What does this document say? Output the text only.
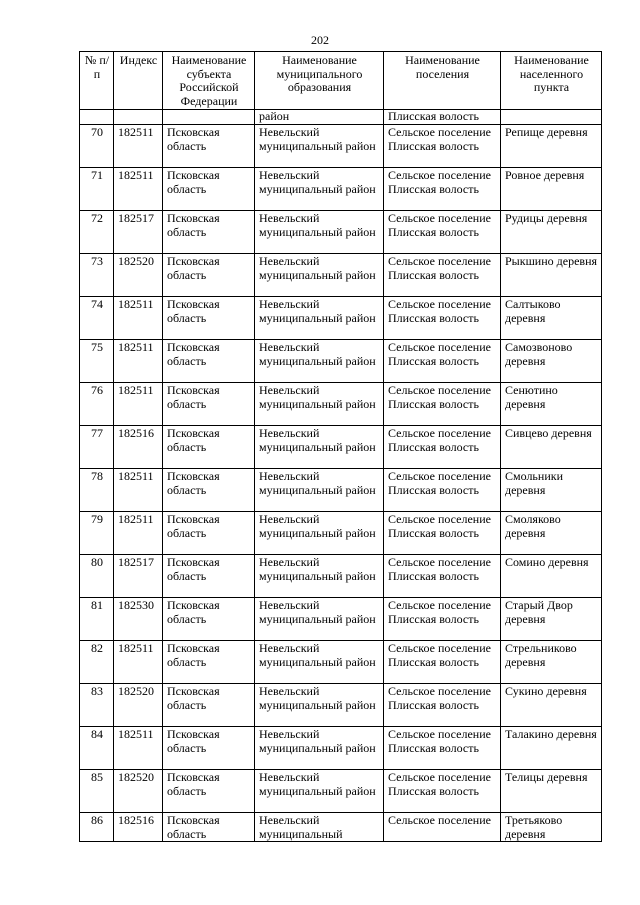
202
№ п/п	Индекс	Наименование субъекта Российской Федерации	Наименование муниципального образования	Наименование поселения	Наименование населенного пункта
			район	Плисская волость	
70	182511	Псковская область	Невельский муниципальный район	Сельское поселение Плисская волость	Репище деревня
71	182511	Псковская область	Невельский муниципальный район	Сельское поселение Плисская волость	Ровное деревня
72	182517	Псковская область	Невельский муниципальный район	Сельское поселение Плисская волость	Рудицы деревня
73	182520	Псковская область	Невельский муниципальный район	Сельское поселение Плисская волость	Рыкшино деревня
74	182511	Псковская область	Невельский муниципальный район	Сельское поселение Плисская волость	Салтыково деревня
75	182511	Псковская область	Невельский муниципальный район	Сельское поселение Плисская волость	Самозвоново деревня
76	182511	Псковская область	Невельский муниципальный район	Сельское поселение Плисская волость	Сенютино деревня
77	182516	Псковская область	Невельский муниципальный район	Сельское поселение Плисская волость	Сивцево деревня
78	182511	Псковская область	Невельский муниципальный район	Сельское поселение Плисская волость	Смольники деревня
79	182511	Псковская область	Невельский муниципальный район	Сельское поселение Плисская волость	Смоляково деревня
80	182517	Псковская область	Невельский муниципальный район	Сельское поселение Плисская волость	Сомино деревня
81	182530	Псковская область	Невельский муниципальный район	Сельское поселение Плисская волость	Старый Двор деревня
82	182511	Псковская область	Невельский муниципальный район	Сельское поселение Плисская волость	Стрельниково деревня
83	182520	Псковская область	Невельский муниципальный район	Сельское поселение Плисская волость	Сукино деревня
84	182511	Псковская область	Невельский муниципальный район	Сельское поселение Плисская волость	Талакино деревня
85	182520	Псковская область	Невельский муниципальный район	Сельское поселение Плисская волость	Телицы деревня
86	182516	Псковская область	Невельский муниципальный	Сельское поселение	Третьяково деревня
